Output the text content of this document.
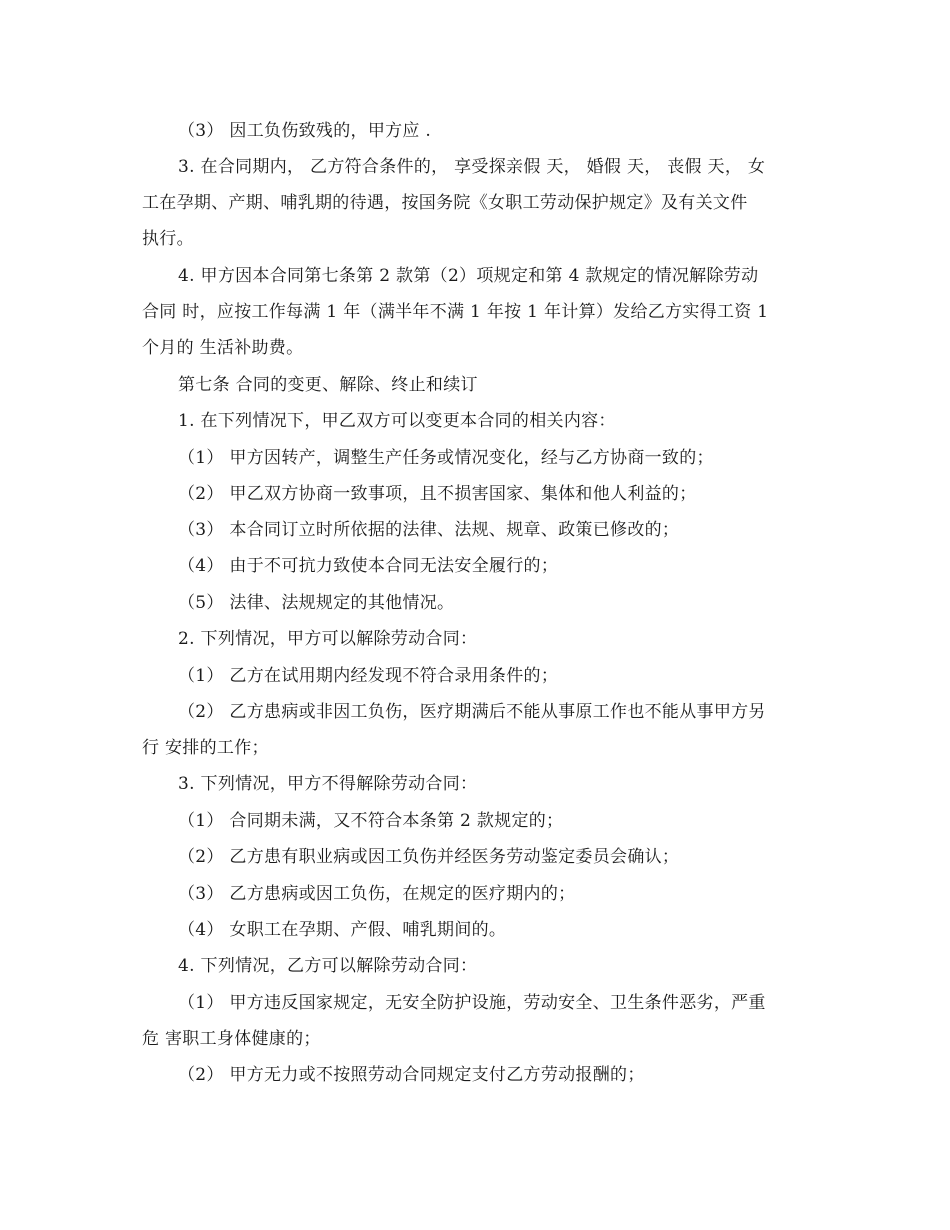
（3） 因工负伤致残的，甲方应 .
3. 在合同期内， 乙方符合条件的， 享受探亲假 天， 婚假 天， 丧假 天， 女
工在孕期、产期、哺乳期的待遇，按国务院《女职工劳动保护规定》及有关文件
执行。
4. 甲方因本合同第七条第 2 款第（2）项规定和第 4 款规定的情况解除劳动
合同 时，应按工作每满 1 年（满半年不满 1 年按 1 年计算）发给乙方实得工资 1
个月的 生活补助费。
第七条 合同的变更、解除、终止和续订
1. 在下列情况下，甲乙双方可以变更本合同的相关内容：
（1） 甲方因转产，调整生产任务或情况变化，经与乙方协商一致的；
（2） 甲乙双方协商一致事项，且不损害国家、集体和他人利益的；
（3） 本合同订立时所依据的法律、法规、规章、政策已修改的；
（4） 由于不可抗力致使本合同无法安全履行的；
（5） 法律、法规规定的其他情况。
2. 下列情况，甲方可以解除劳动合同：
（1） 乙方在试用期内经发现不符合录用条件的；
（2） 乙方患病或非因工负伤，医疗期满后不能从事原工作也不能从事甲方另
行 安排的工作；
3. 下列情况，甲方不得解除劳动合同：
（1） 合同期未满，又不符合本条第 2 款规定的；
（2） 乙方患有职业病或因工负伤并经医务劳动鉴定委员会确认；
（3） 乙方患病或因工负伤，在规定的医疗期内的；
（4） 女职工在孕期、产假、哺乳期间的。
4. 下列情况，乙方可以解除劳动合同：
（1） 甲方违反国家规定，无安全防护设施，劳动安全、卫生条件恶劣，严重
危 害职工身体健康的；
（2） 甲方无力或不按照劳动合同规定支付乙方劳动报酬的；
